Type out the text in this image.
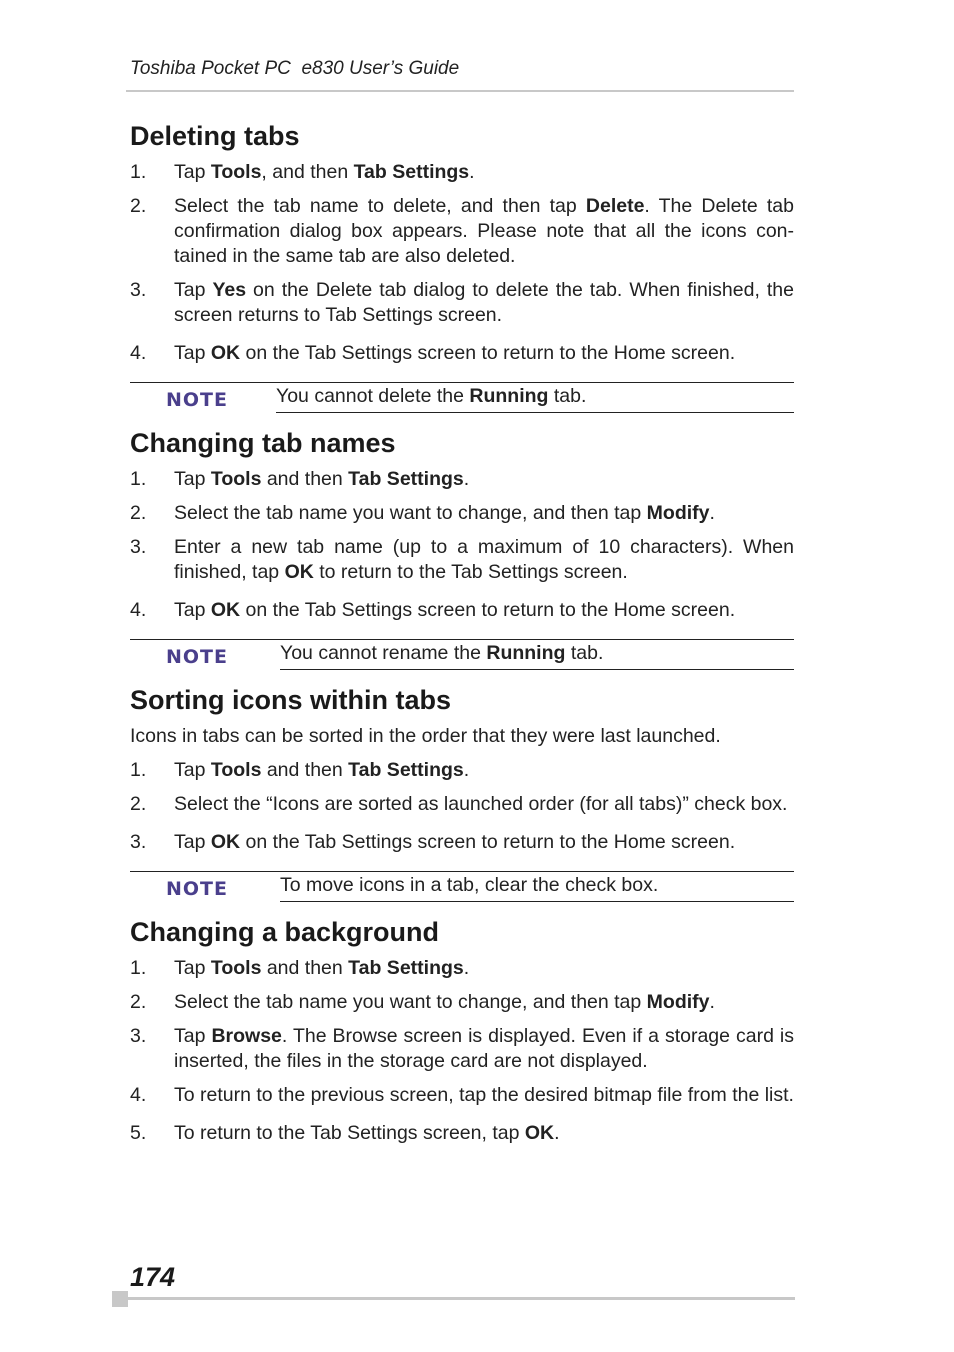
Toshiba Pocket PC  e830 User’s Guide
Deleting tabs
1. Tap Tools, and then Tab Settings.
2. Select the tab name to delete, and then tap Delete. The Delete tab confirmation dialog box appears. Please note that all the icons con-tained in the same tab are also deleted.
3. Tap Yes on the Delete tab dialog to delete the tab. When finished, the screen returns to Tab Settings screen.
4. Tap OK on the Tab Settings screen to return to the Home screen.
NOTE You cannot delete the Running tab.
Changing tab names
1. Tap Tools and then Tab Settings.
2. Select the tab name you want to change, and then tap Modify.
3. Enter a new tab name (up to a maximum of 10 characters). When finished, tap OK to return to the Tab Settings screen.
4. Tap OK on the Tab Settings screen to return to the Home screen.
NOTE	You cannot rename the Running tab.
Sorting icons within tabs

Icons in tabs can be sorted in the order that they were last launched.

1. Tap Tools and then Tab Settings.
2. Select the “Icons are sorted as launched order (for all tabs)” check box.
3. Tap OK on the Tab Settings screen to return to the Home screen.
NOTE	To move icons in a tab, clear the check box.
Changing a background
1. Tap Tools and then Tab Settings.
2. Select the tab name you want to change, and then tap Modify.
3. Tap Browse. The Browse screen is displayed. Even if a storage card is inserted, the files in the storage card are not displayed.
4. To return to the previous screen, tap the desired bitmap file from the list.
5. To return to the Tab Settings screen, tap OK.
174
